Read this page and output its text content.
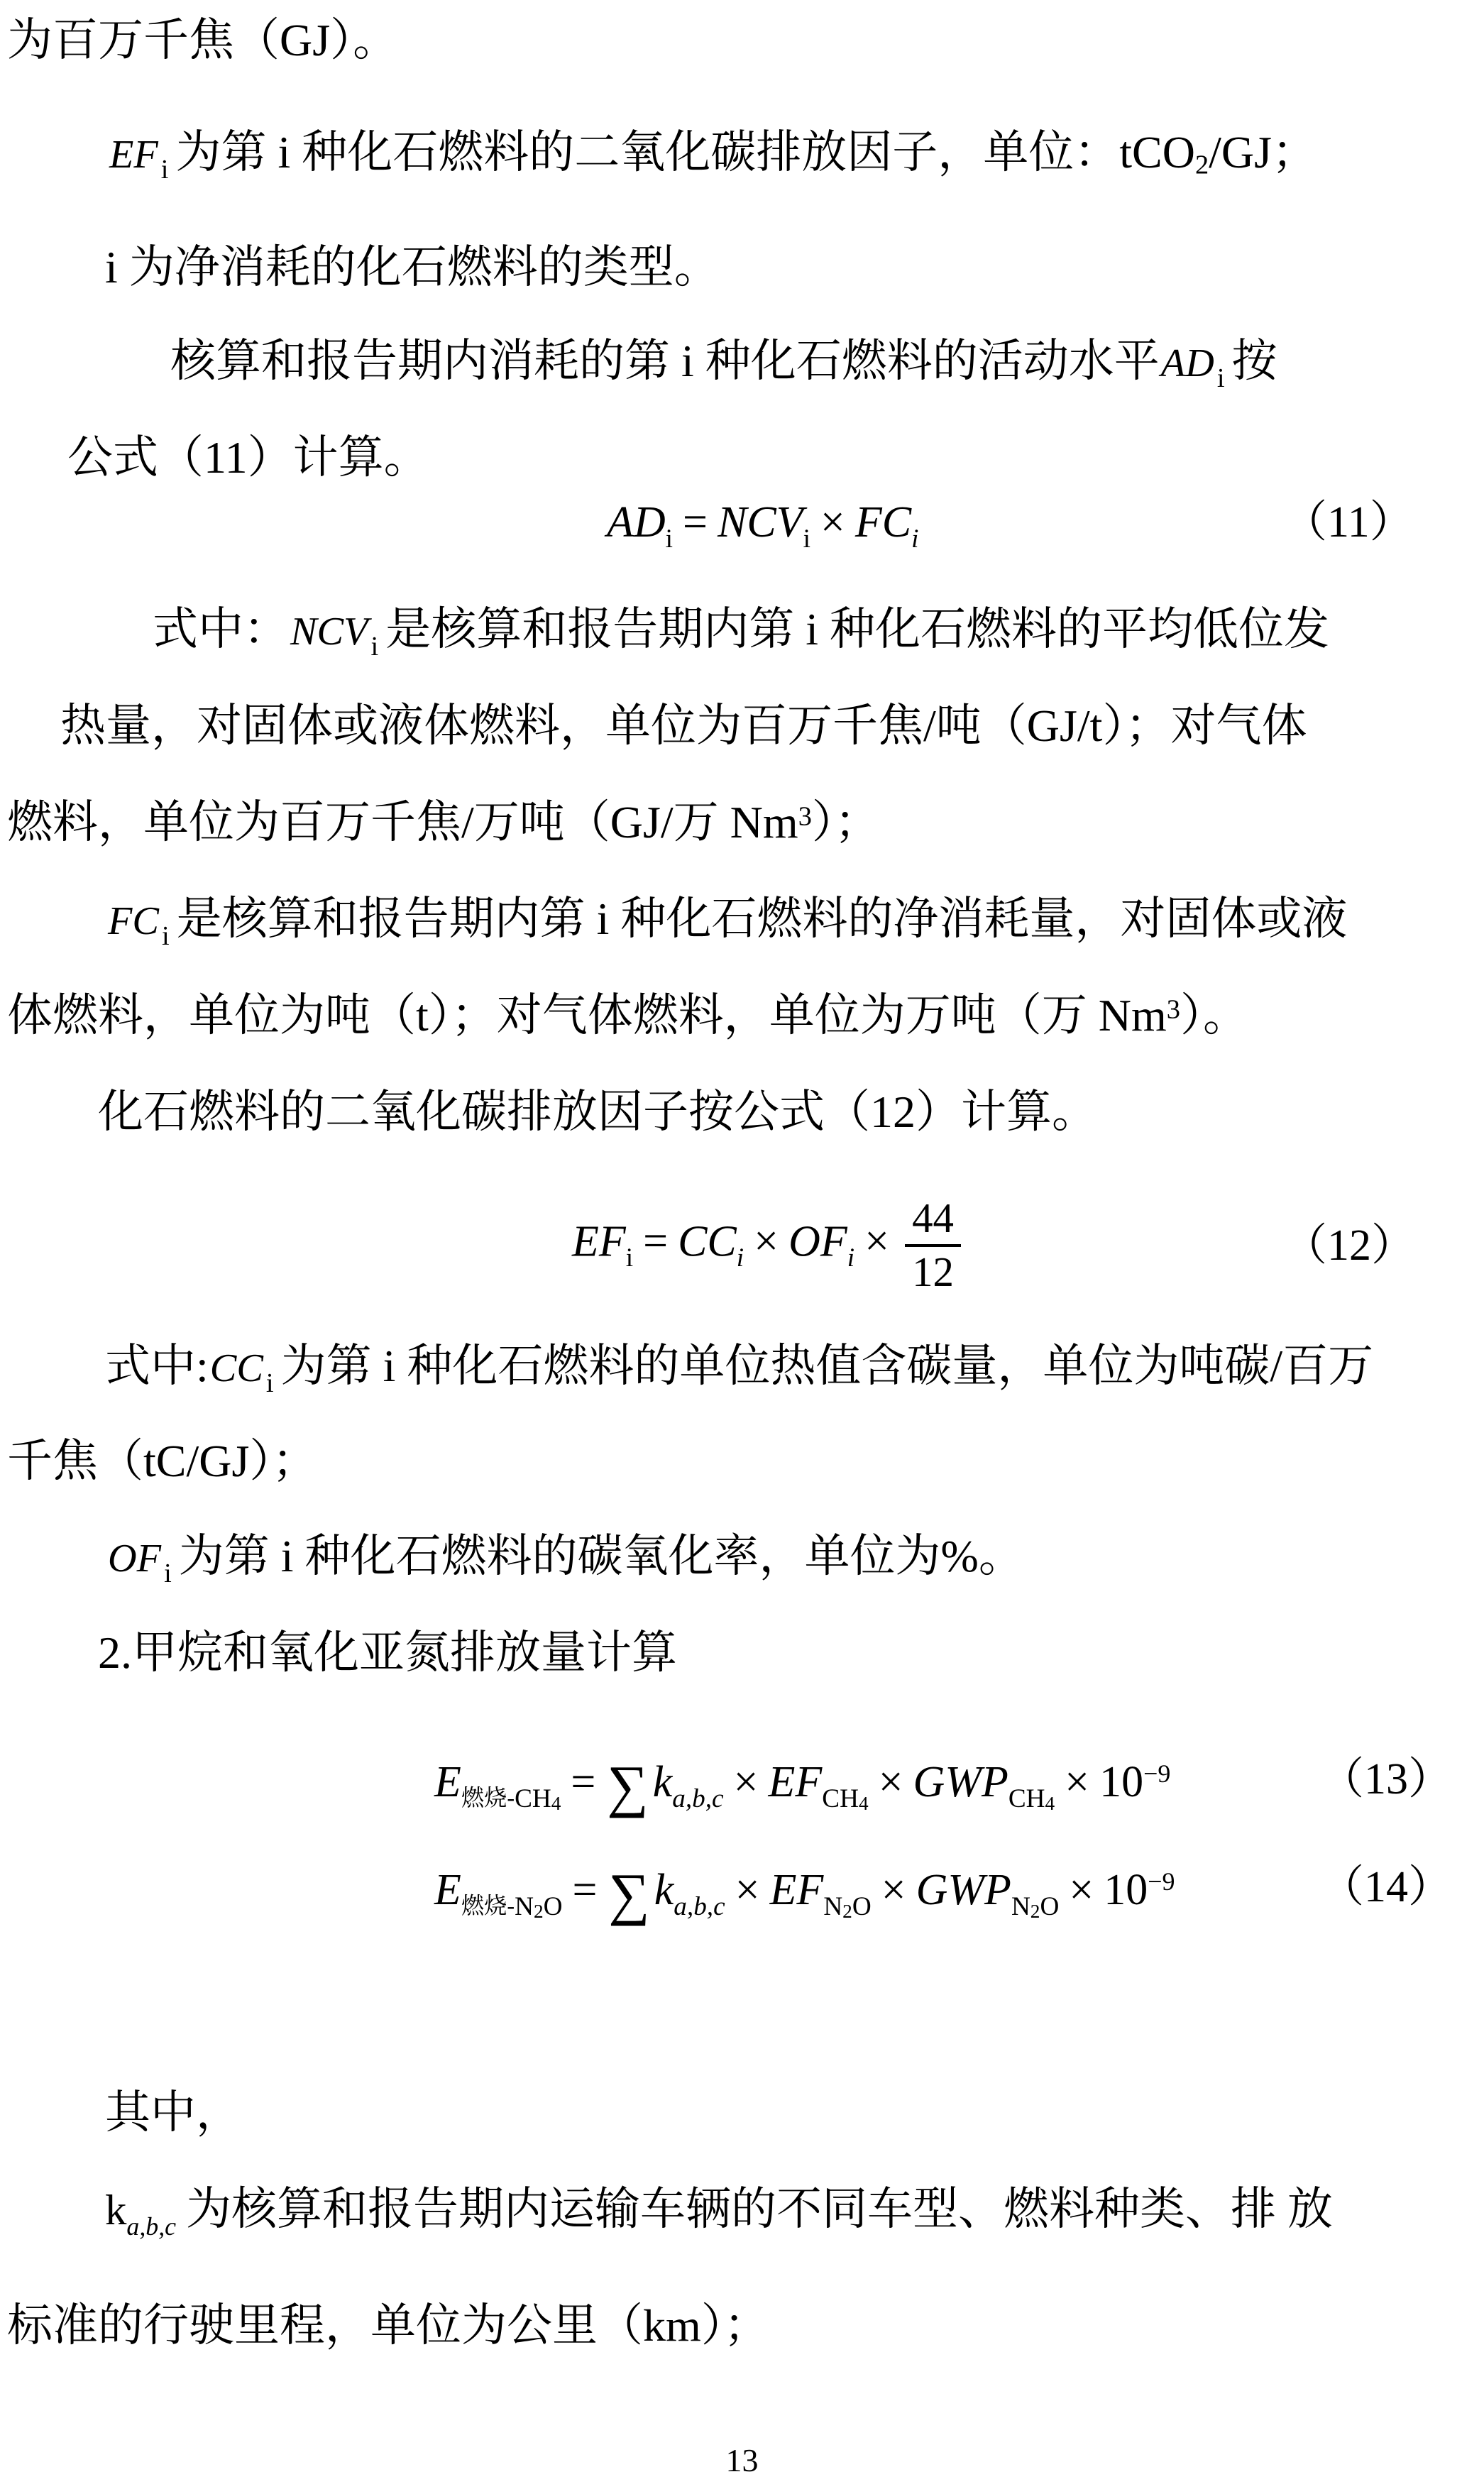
为百万千焦（GJ）。
EF $_i$ 为第 i 种化石燃料的二氧化碳排放因子，单位：tCO2/GJ；
i 为净消耗的化石燃料的类型。
核算和报告期内消耗的第 i 种化石燃料的活动水平AD $_i$ 按
公式（11）计算。
$AD_i = NCV_i \times FC_i$	（11）
式中：NCV $_i$ 是核算和报告期内第 i 种化石燃料的平均低位发
热量，对固体或液体燃料，单位为百万千焦/吨（GJ/t）；对气体
燃料，单位为百万千焦/万吨（GJ/万 Nm$^3$）；
FC $_i$ 是核算和报告期内第 i 种化石燃料的净消耗量，对固体或液
体燃料，单位为吨（t）；对气体燃料，单位为万吨（万 Nm$^3$）。
化石燃料的二氧化碳排放因子按公式（12）计算。
$EF_i = CC_i \times OF_i \times \frac{44}{12}$	（12）
式中:CC $_i$ 为第 i 种化石燃料的单位热值含碳量，单位为吨碳/百万
千焦（tC/GJ）；
OF $_i$ 为第 i 种化石燃料的碳氧化率，单位为%。
2.甲烷和氧化亚氮排放量计算
$E_{燃烧-CH4} = \sum k_{a,b,c} \times EF_{CH4} \times GWP_{CH4} \times 10^{-9}$	（13）
$E_{燃烧-N2O} = \sum k_{a,b,c} \times EF_{N2O} \times GWP_{N2O} \times 10^{-9}$	（14）
其中，
$k_{a,b,c}$ 为核算和报告期内运输车辆的不同车型、燃料种类、排 放
标准的行驶里程，单位为公里（km）；
13
